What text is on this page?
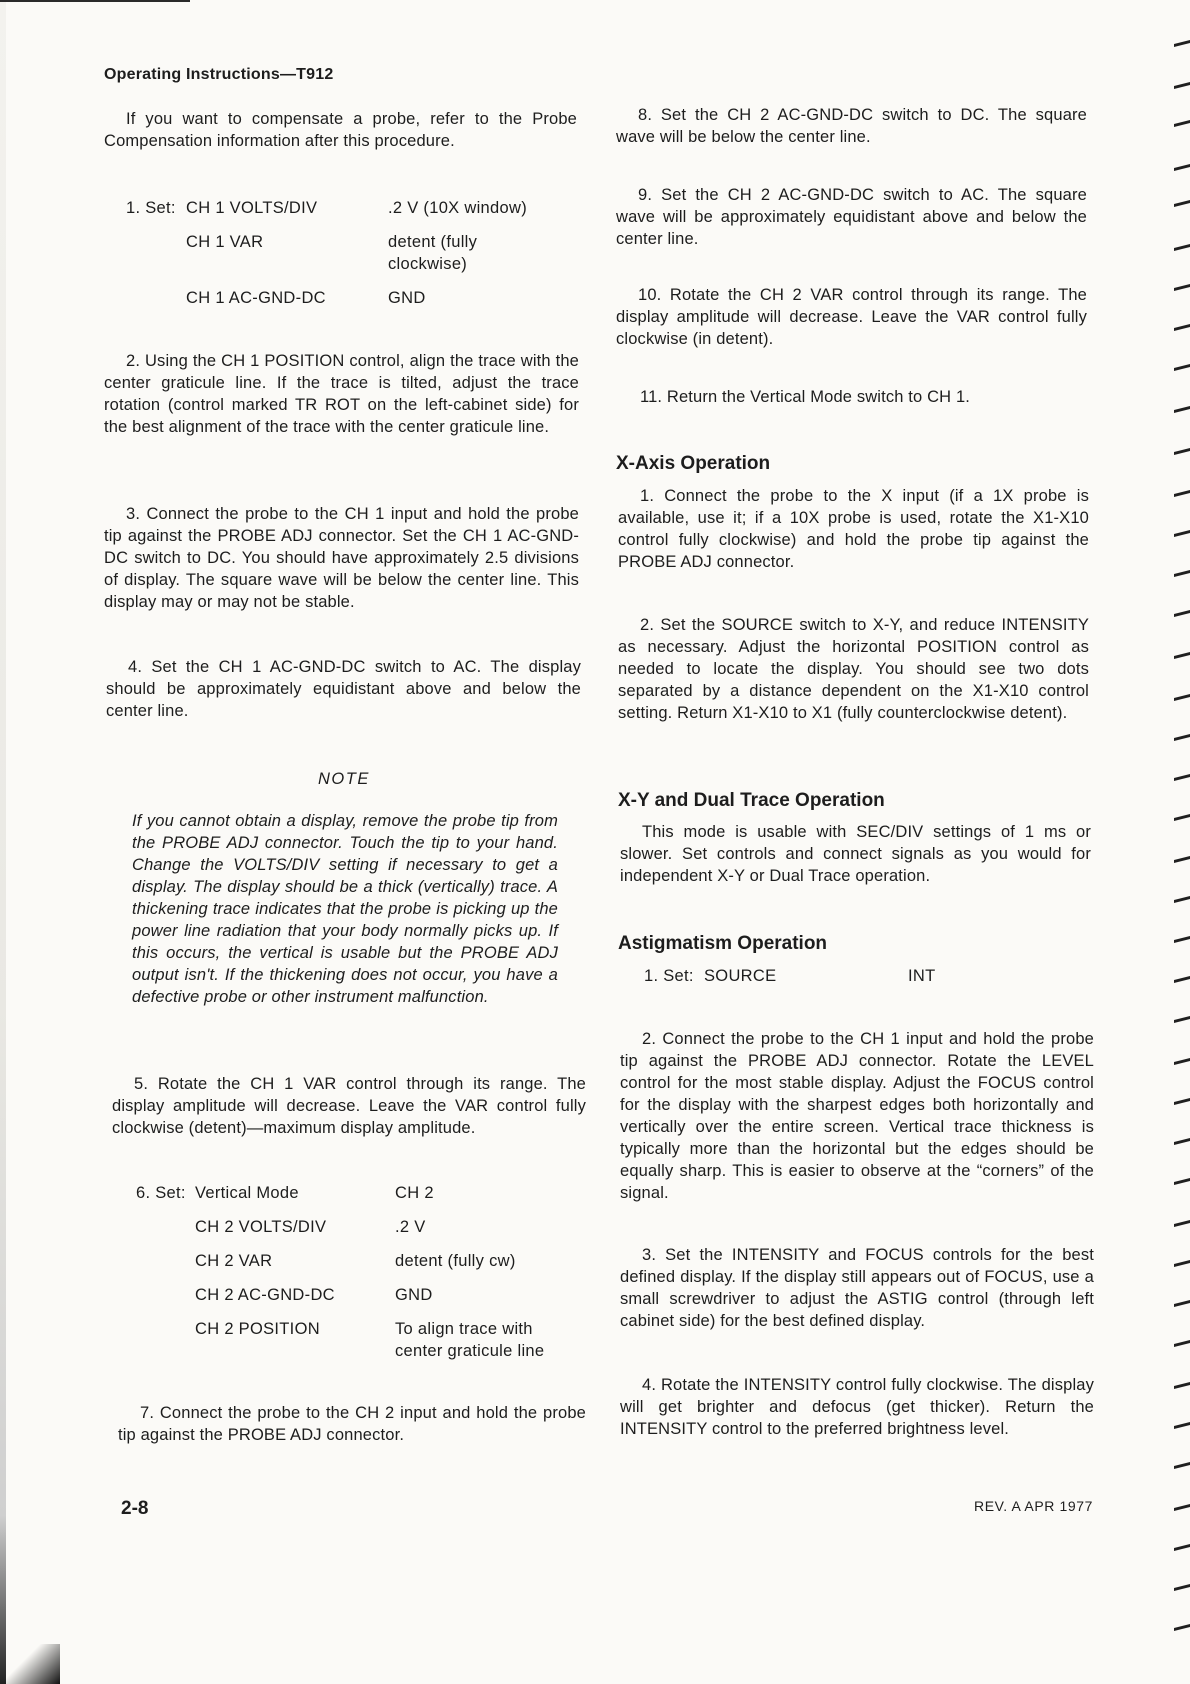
Operating Instructions—T912

If you want to compensate a probe, refer to the Probe Compensation information after this procedure.

1. Set: CH 1 VOLTS/DIV	.2 V (10X window)
CH 1 VAR	detent (fully
clockwise)
CH 1 AC-GND-DC	GND

2. Using the CH 1 POSITION control, align the trace with the center graticule line. If the trace is tilted, adjust the trace rotation (control marked TR ROT on the left-cabinet side) for the best alignment of the trace with the center graticule line.

3. Connect the probe to the CH 1 input and hold the probe tip against the PROBE ADJ connector. Set the CH 1 AC-GND-DC switch to DC. You should have approximately 2.5 divisions of display. The square wave will be below the center line. This display may or may not be stable.

4. Set the CH 1 AC-GND-DC switch to AC. The display should be approximately equidistant above and below the center line.

NOTE

If you cannot obtain a display, remove the probe tip from the PROBE ADJ connector. Touch the tip to your hand. Change the VOLTS/DIV setting if necessary to get a display. The display should be a thick (vertically) trace. A thickening trace indicates that the probe is picking up the power line radiation that your body normally picks up. If this occurs, the vertical is usable but the PROBE ADJ output isn't. If the thickening does not occur, you have a defective probe or other instrument malfunction.

5. Rotate the CH 1 VAR control through its range. The display amplitude will decrease. Leave the VAR control fully clockwise (detent)—maximum display amplitude.

6. Set: Vertical Mode	CH 2
CH 2 VOLTS/DIV	.2 V
CH 2 VAR	detent (fully cw)
CH 2 AC-GND-DC	GND
CH 2 POSITION	To align trace with
center graticule line

7. Connect the probe to the CH 2 input and hold the probe tip against the PROBE ADJ connector.

8. Set the CH 2 AC-GND-DC switch to DC. The square wave will be below the center line.

9. Set the CH 2 AC-GND-DC switch to AC. The square wave will be approximately equidistant above and below the center line.

10. Rotate the CH 2 VAR control through its range. The display amplitude will decrease. Leave the VAR control fully clockwise (in detent).

11. Return the Vertical Mode switch to CH 1.

X-Axis Operation

1. Connect the probe to the X input (if a 1X probe is available, use it; if a 10X probe is used, rotate the X1-X10 control fully clockwise) and hold the probe tip against the PROBE ADJ connector.

2. Set the SOURCE switch to X-Y, and reduce INTENSITY as necessary. Adjust the horizontal POSITION control as needed to locate the display. You should see two dots separated by a distance dependent on the X1-X10 control setting. Return X1-X10 to X1 (fully counterclockwise detent).

X-Y and Dual Trace Operation

This mode is usable with SEC/DIV settings of 1 ms or slower. Set controls and connect signals as you would for independent X-Y or Dual Trace operation.

Astigmatism Operation
1. Set: SOURCE	INT

2. Connect the probe to the CH 1 input and hold the probe tip against the PROBE ADJ connector. Rotate the LEVEL control for the most stable display. Adjust the FOCUS control for the display with the sharpest edges both horizontally and vertically over the entire screen. Vertical trace thickness is typically more than the horizontal but the edges should be equally sharp. This is easier to observe at the “corners” of the signal.

3. Set the INTENSITY and FOCUS controls for the best defined display. If the display still appears out of FOCUS, use a small screwdriver to adjust the ASTIG control (through left cabinet side) for the best defined display.

4. Rotate the INTENSITY control fully clockwise. The display will get brighter and defocus (get thicker). Return the INTENSITY control to the preferred brightness level.

2-8	REV. A APR 1977
